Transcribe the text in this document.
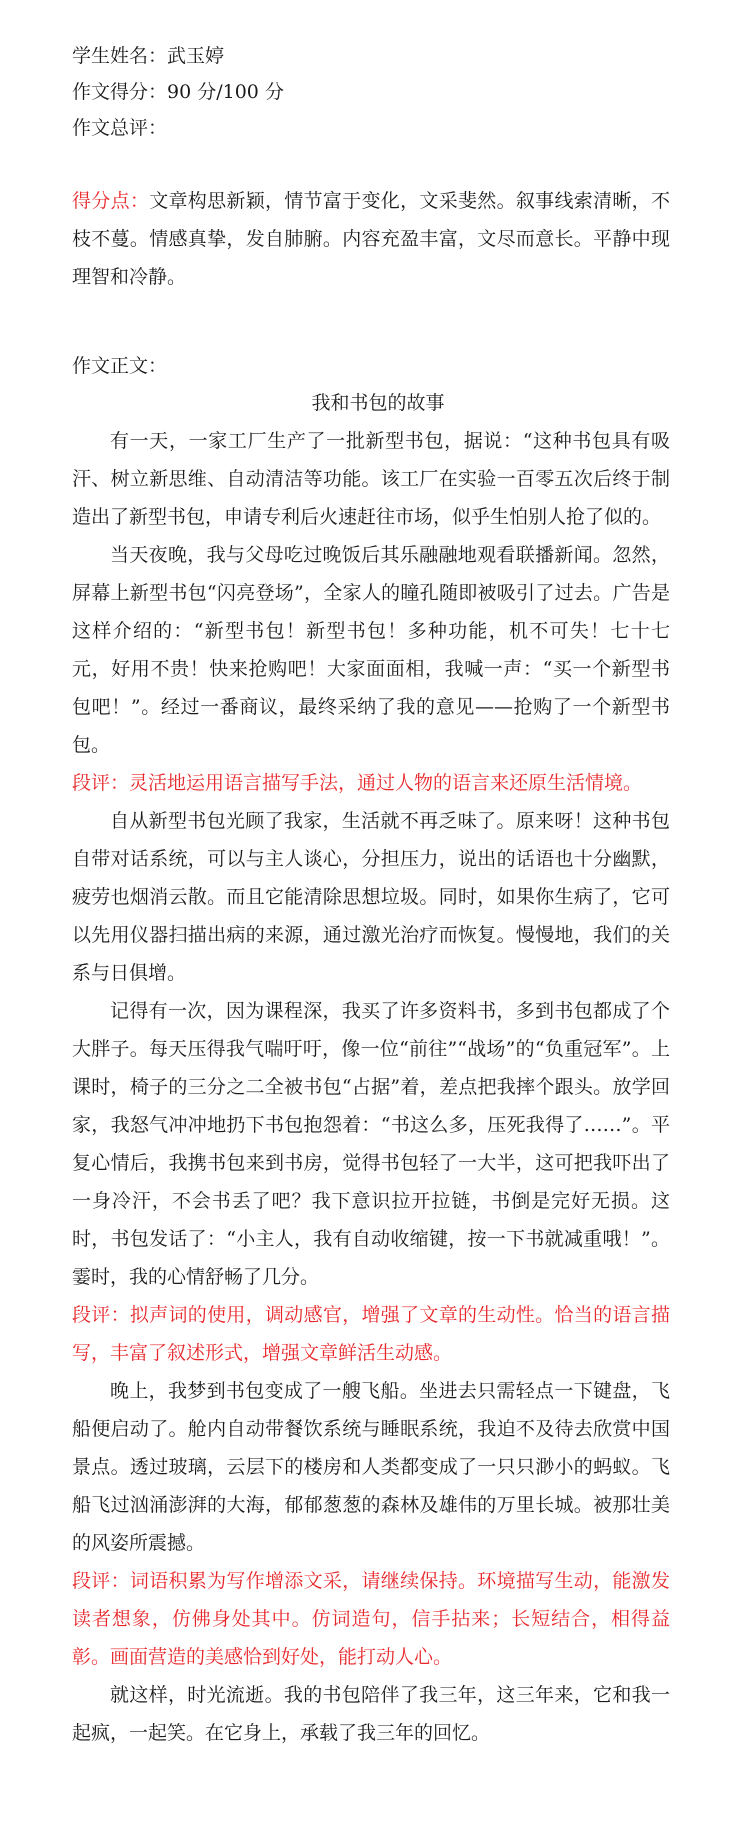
学生姓名：武玉婷
作文得分：90 分/100 分
作文总评：
得分点：文章构思新颖，情节富于变化，文采斐然。叙事线索清晰，不枝不蔓。情感真挚，发自肺腑。内容充盈丰富，文尽而意长。平静中现理智和冷静。
作文正文：
我和书包的故事

有一天，一家工厂生产了一批新型书包，据说：“这种书包具有吸汗、树立新思维、自动清洁等功能。该工厂在实验一百零五次后终于制造出了新型书包，申请专利后火速赶往市场，似乎生怕别人抢了似的。

当天夜晚，我与父母吃过晚饭后其乐融融地观看联播新闻。忽然，屏幕上新型书包“闪亮登场”，全家人的瞳孔随即被吸引了过去。广告是这样介绍的：“新型书包！新型书包！多种功能，机不可失！七十七元，好用不贵！快来抢购吧！大家面面相，我喊一声：“买一个新型书包吧！”。经过一番商议，最终采纳了我的意见——抢购了一个新型书包。

段评：灵活地运用语言描写手法，通过人物的语言来还原生活情境。

自从新型书包光顾了我家，生活就不再乏味了。原来呀！这种书包自带对话系统，可以与主人谈心，分担压力，说出的话语也十分幽默，疲劳也烟消云散。而且它能清除思想垃圾。同时，如果你生病了，它可以先用仪器扫描出病的来源，通过激光治疗而恢复。慢慢地，我们的关系与日俱增。

记得有一次，因为课程深，我买了许多资料书，多到书包都成了个大胖子。每天压得我气喘吁吁，像一位“前往”“战场”的“负重冠军”。上课时，椅子的三分之二全被书包“占据”着，差点把我摔个跟头。放学回家，我怒气冲冲地扔下书包抱怨着：“书这么多，压死我得了……”。平复心情后，我携书包来到书房，觉得书包轻了一大半，这可把我吓出了一身冷汗，不会书丢了吧？我下意识拉开拉链，书倒是完好无损。这时，书包发话了：“小主人，我有自动收缩键，按一下书就减重哦！”。霎时，我的心情舒畅了几分。

段评：拟声词的使用，调动感官，增强了文章的生动性。恰当的语言描写，丰富了叙述形式，增强文章鲜活生动感。

晚上，我梦到书包变成了一艘飞船。坐进去只需轻点一下键盘，飞船便启动了。舱内自动带餐饮系统与睡眠系统，我迫不及待去欣赏中国景点。透过玻璃，云层下的楼房和人类都变成了一只只渺小的蚂蚁。飞船飞过汹涌澎湃的大海，郁郁葱葱的森林及雄伟的万里长城。被那壮美的风姿所震撼。

段评：词语积累为写作增添文采，请继续保持。环境描写生动，能激发读者想象，仿佛身处其中。仿词造句，信手拈来；长短结合，相得益彰。画面营造的美感恰到好处，能打动人心。

就这样，时光流逝。我的书包陪伴了我三年，这三年来，它和我一起疯，一起笑。在它身上，承载了我三年的回忆。
